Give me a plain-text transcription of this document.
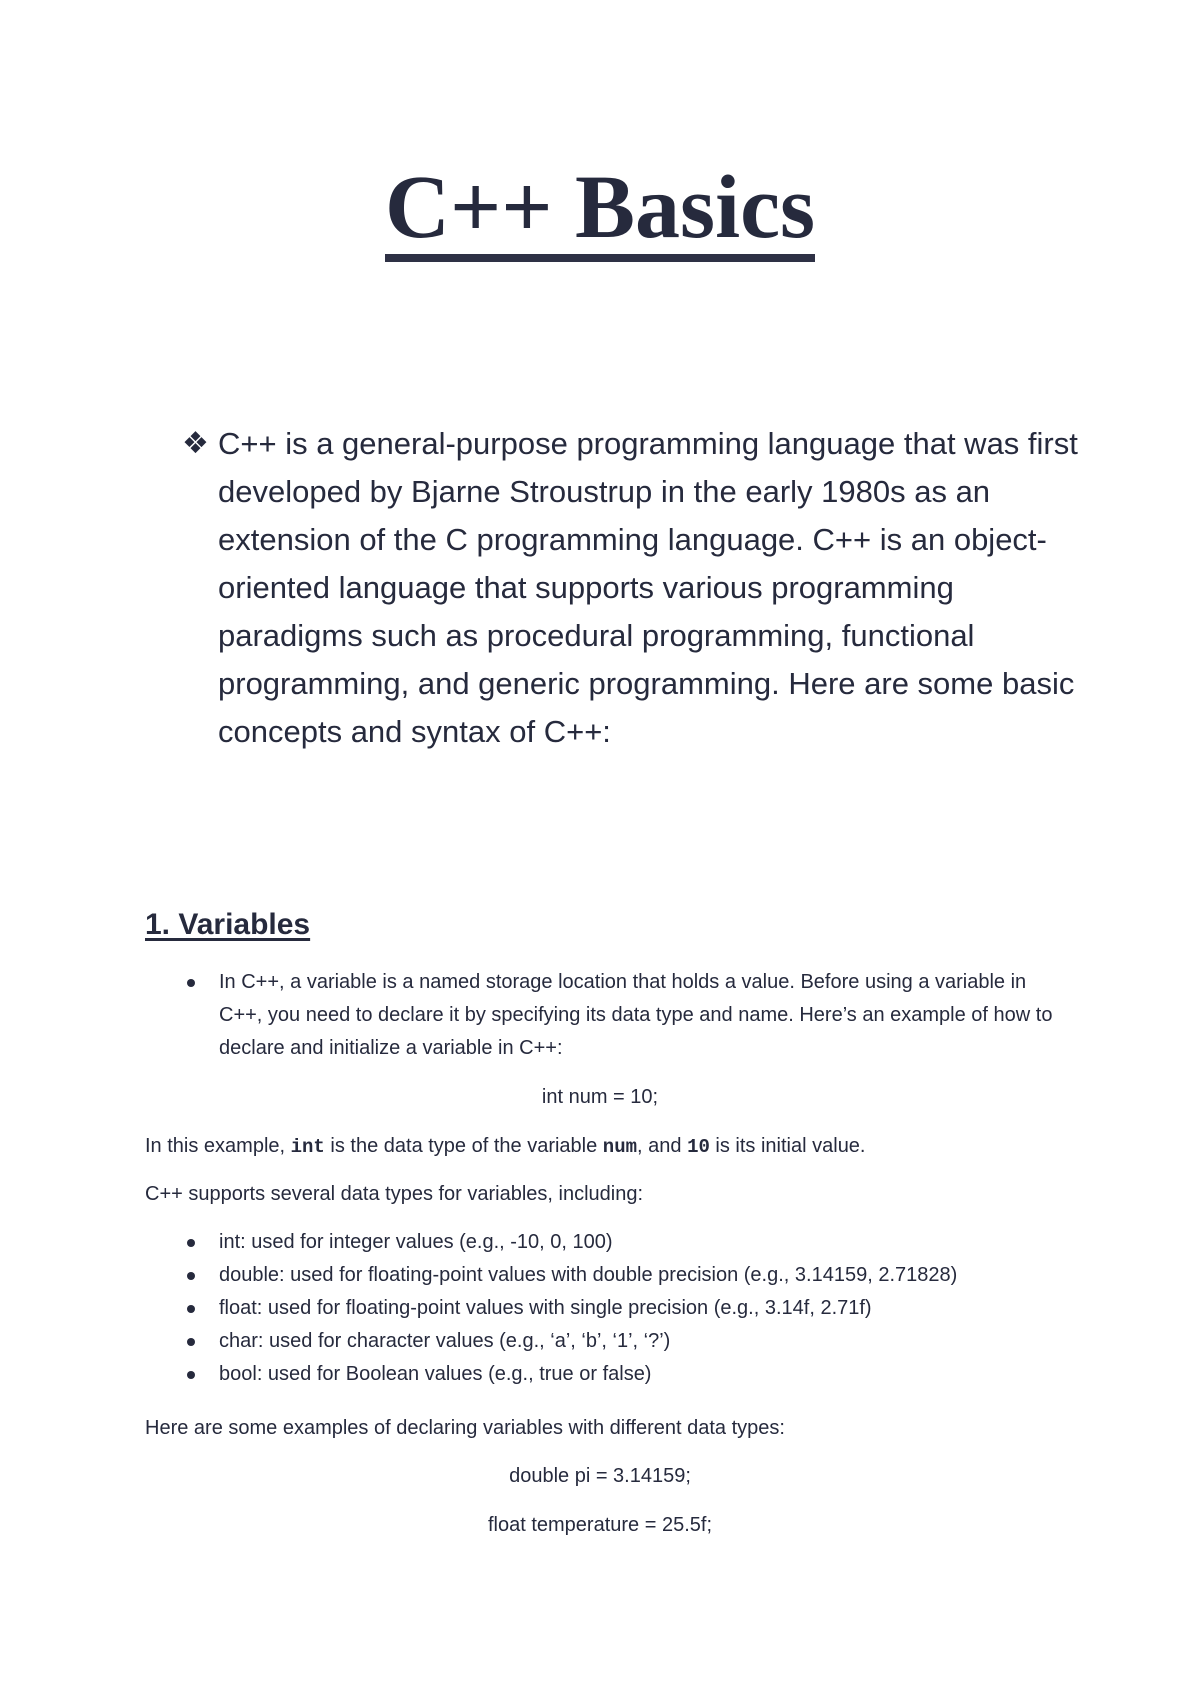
C++ Basics
❖ C++ is a general-purpose programming language that was first developed by Bjarne Stroustrup in the early 1980s as an extension of the C programming language. C++ is an object-oriented language that supports various programming paradigms such as procedural programming, functional programming, and generic programming. Here are some basic concepts and syntax of C++:
1. Variables
In C++, a variable is a named storage location that holds a value. Before using a variable in C++, you need to declare it by specifying its data type and name. Here’s an example of how to declare and initialize a variable in C++:
int num = 10;
In this example, int is the data type of the variable num, and 10 is its initial value.
C++ supports several data types for variables, including:
int: used for integer values (e.g., -10, 0, 100)
double: used for floating-point values with double precision (e.g., 3.14159, 2.71828)
float: used for floating-point values with single precision (e.g., 3.14f, 2.71f)
char: used for character values (e.g., ‘a’, ‘b’, ‘1’, ‘?’)
bool: used for Boolean values (e.g., true or false)
Here are some examples of declaring variables with different data types:
double pi = 3.14159;
float temperature = 25.5f;
